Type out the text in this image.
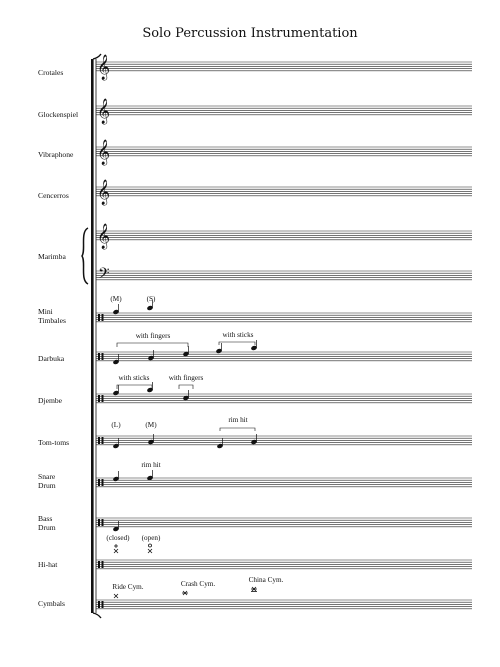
Solo Percussion Instrumentation
Crotales
Glockenspiel
Vibraphone
Cencerros
Marimba
Mini
Timbales
Darbuka
Djembe
Tom-toms
Snare
Drum
Bass
Drum
Hi-hat
Cymbals
𝄞
𝄞
𝄞
𝄞
𝄞
𝄢
(M)	(S)
with fingers	with sticks
with sticks	with fingers
(L)	(M)
rim hit
rim hit
(closed) (open)
Ride Cym.	Crash Cym.	China Cym.
